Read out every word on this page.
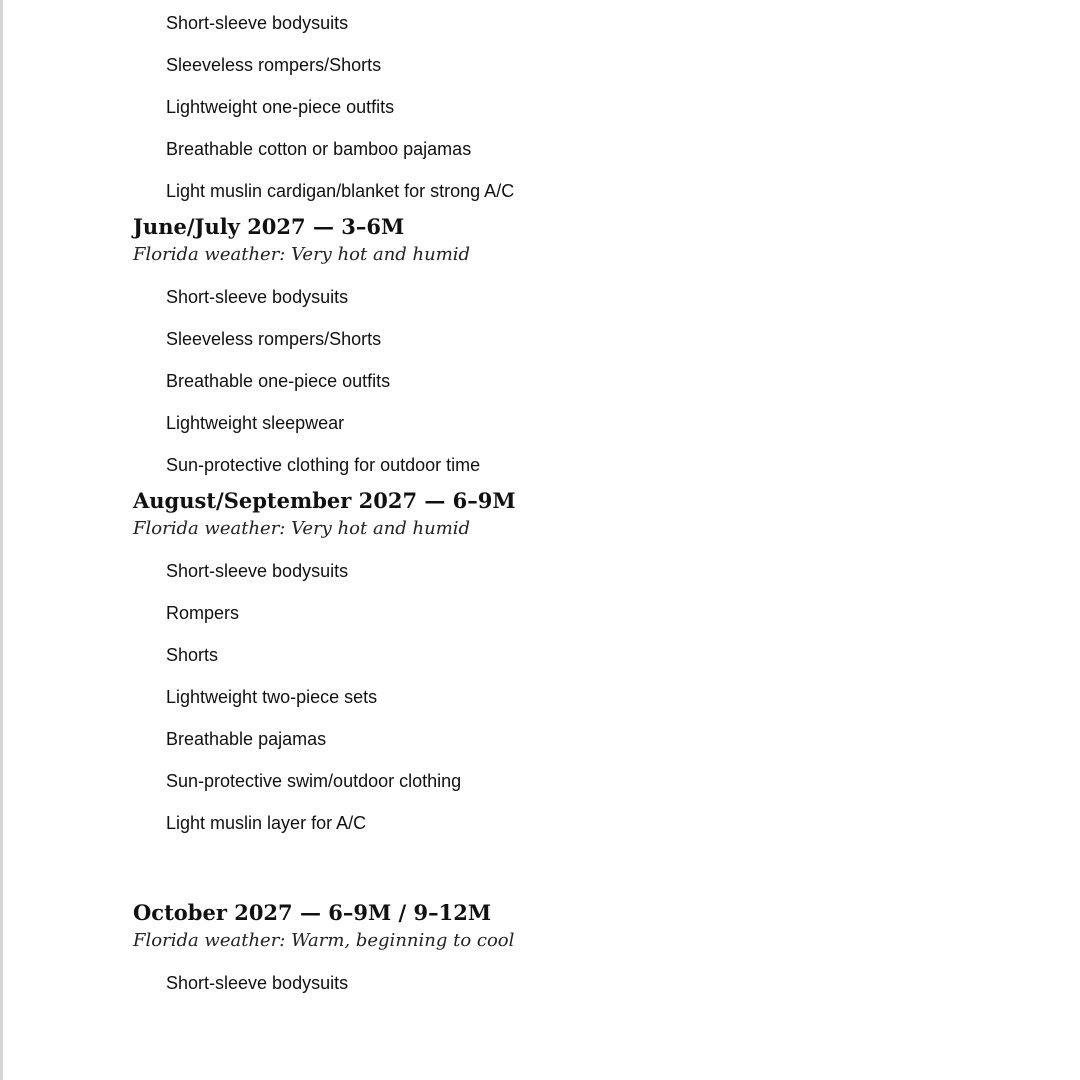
Short-sleeve bodysuits
Sleeveless rompers/Shorts
Lightweight one-piece outfits
Breathable cotton or bamboo pajamas
Light muslin cardigan/blanket for strong A/C
June/July 2027 — 3–6M
Florida weather: Very hot and humid
Short-sleeve bodysuits
Sleeveless rompers/Shorts
Breathable one-piece outfits
Lightweight sleepwear
Sun-protective clothing for outdoor time
August/September 2027 — 6–9M
Florida weather: Very hot and humid
Short-sleeve bodysuits
Rompers
Shorts
Lightweight two-piece sets
Breathable pajamas
Sun-protective swim/outdoor clothing
Light muslin layer for A/C
October 2027 — 6–9M / 9–12M
Florida weather: Warm, beginning to cool
Short-sleeve bodysuits
